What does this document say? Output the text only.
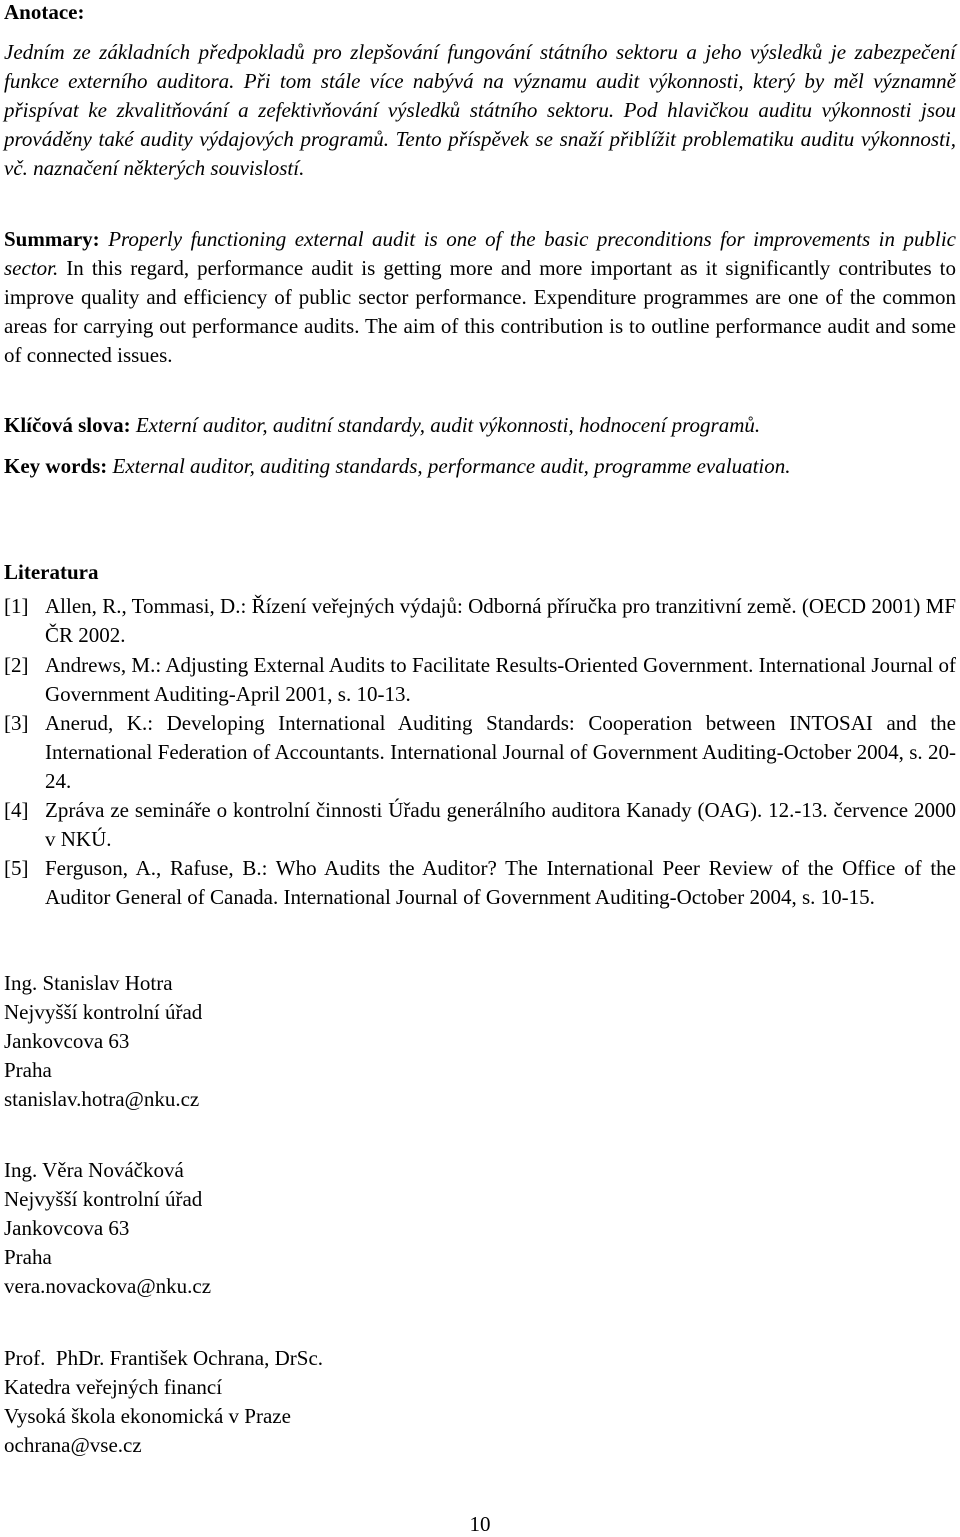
Anotace:
Jedním ze základních předpokladů pro zlepšování fungování státního sektoru a jeho výsledků je zabezpečení funkce externího auditora. Při tom stále více nabývá na významu audit výkonnosti, který by měl významně přispívat ke zkvalitňování a zefektivňování výsledků státního sektoru. Pod hlavičkou auditu výkonnosti jsou prováděny také audity výdajových programů. Tento příspěvek se snaží přiblížit problematiku auditu výkonnosti, vč. naznačení některých souvislostí.
Summary: Properly functioning external audit is one of the basic preconditions for improvements in public sector. In this regard, performance audit is getting more and more important as it significantly contributes to improve quality and efficiency of public sector performance. Expenditure programmes are one of the common areas for carrying out performance audits. The aim of this contribution is to outline performance audit and some of connected issues.
Klíčová slova: Externí auditor, auditní standardy, audit výkonnosti, hodnocení programů.
Key words: External auditor, auditing standards, performance audit, programme evaluation.
Literatura
[1] Allen, R., Tommasi, D.: Řízení veřejných výdajů: Odborná příručka pro tranzitivní země. (OECD 2001) MF ČR 2002.
[2] Andrews, M.: Adjusting External Audits to Facilitate Results-Oriented Government. International Journal of Government Auditing-April 2001, s. 10-13.
[3] Anerud, K.: Developing International Auditing Standards: Cooperation between INTOSAI and the International Federation of Accountants. International Journal of Government Auditing-October 2004, s. 20-24.
[4] Zpráva ze semináře o kontrolní činnosti Úřadu generálního auditora Kanady (OAG). 12.-13. července 2000 v NKÚ.
[5] Ferguson, A., Rafuse, B.: Who Audits the Auditor? The International Peer Review of the Office of the Auditor General of Canada. International Journal of Government Auditing-October 2004, s. 10-15.
Ing. Stanislav Hotra
Nejvyšší kontrolní úřad
Jankovcova 63
Praha
stanislav.hotra@nku.cz
Ing. Věra Nováčková
Nejvyšší kontrolní úřad
Jankovcova 63
Praha
vera.novackova@nku.cz
Prof.  PhDr. František Ochrana, DrSc.
Katedra veřejných financí
Vysoká škola ekonomická v Praze
ochrana@vse.cz
10
